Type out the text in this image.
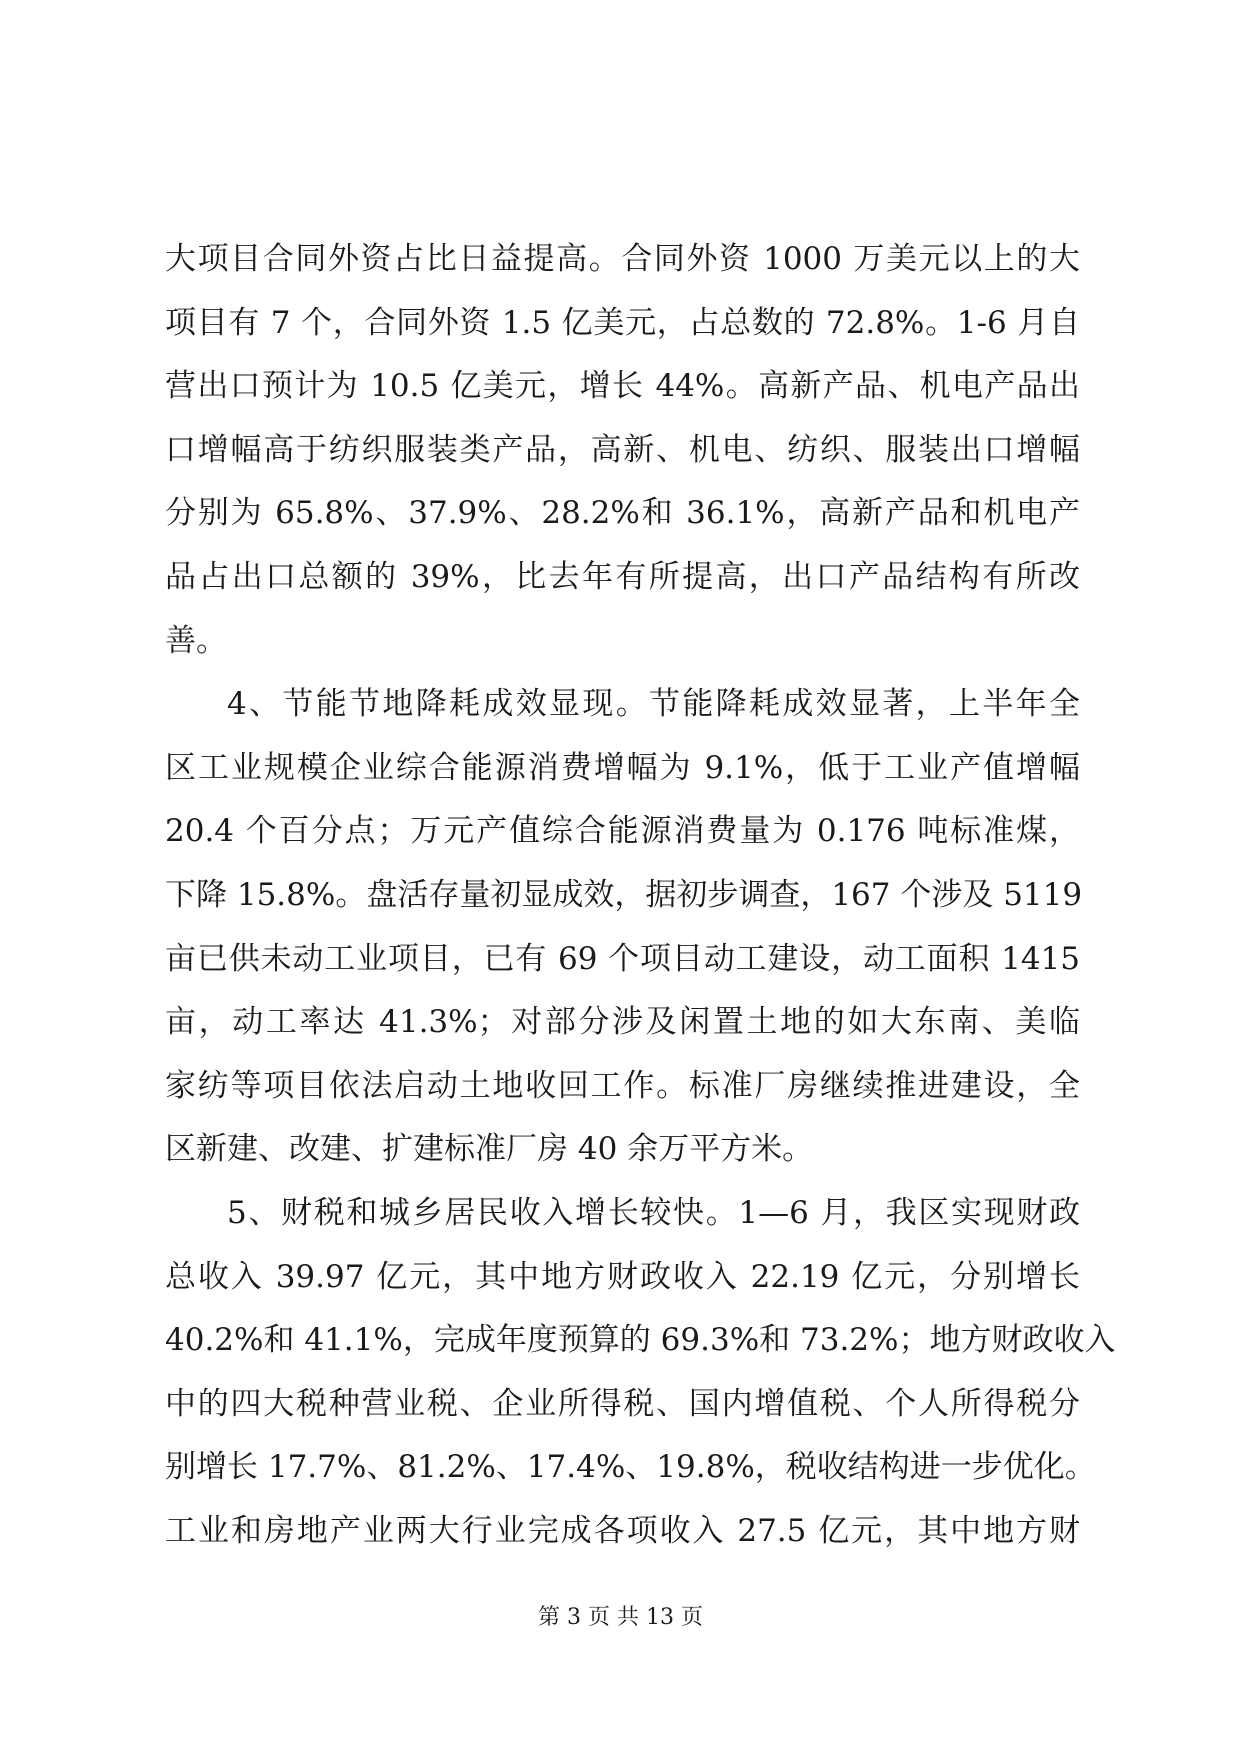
大项目合同外资占比日益提高。合同外资 1000 万美元以上的大
项目有 7 个，合同外资 1.5 亿美元，占总数的 72.8%。1-6 月自
营出口预计为 10.5 亿美元，增长 44%。高新产品、机电产品出
口增幅高于纺织服装类产品，高新、机电、纺织、服装出口增幅
分别为 65.8%、37.9%、28.2%和 36.1%，高新产品和机电产
品占出口总额的 39%，比去年有所提高，出口产品结构有所改
善。
4、节能节地降耗成效显现。节能降耗成效显著，上半年全
区工业规模企业综合能源消费增幅为 9.1%，低于工业产值增幅
20.4 个百分点；万元产值综合能源消费量为 0.176 吨标准煤，
下降 15.8%。盘活存量初显成效，据初步调查，167 个涉及 5119
亩已供未动工业项目，已有 69 个项目动工建设，动工面积 1415
亩，动工率达 41.3%；对部分涉及闲置土地的如大东南、美临
家纺等项目依法启动土地收回工作。标准厂房继续推进建设，全
区新建、改建、扩建标准厂房 40 余万平方米。
5、财税和城乡居民收入增长较快。1—6 月，我区实现财政
总收入 39.97 亿元，其中地方财政收入 22.19 亿元，分别增长
40.2%和 41.1%，完成年度预算的 69.3%和 73.2%；地方财政收入
中的四大税种营业税、企业所得税、国内增值税、个人所得税分
别增长 17.7%、81.2%、17.4%、19.8%，税收结构进一步优化。
工业和房地产业两大行业完成各项收入 27.5 亿元，其中地方财
第 3 页 共 13 页
